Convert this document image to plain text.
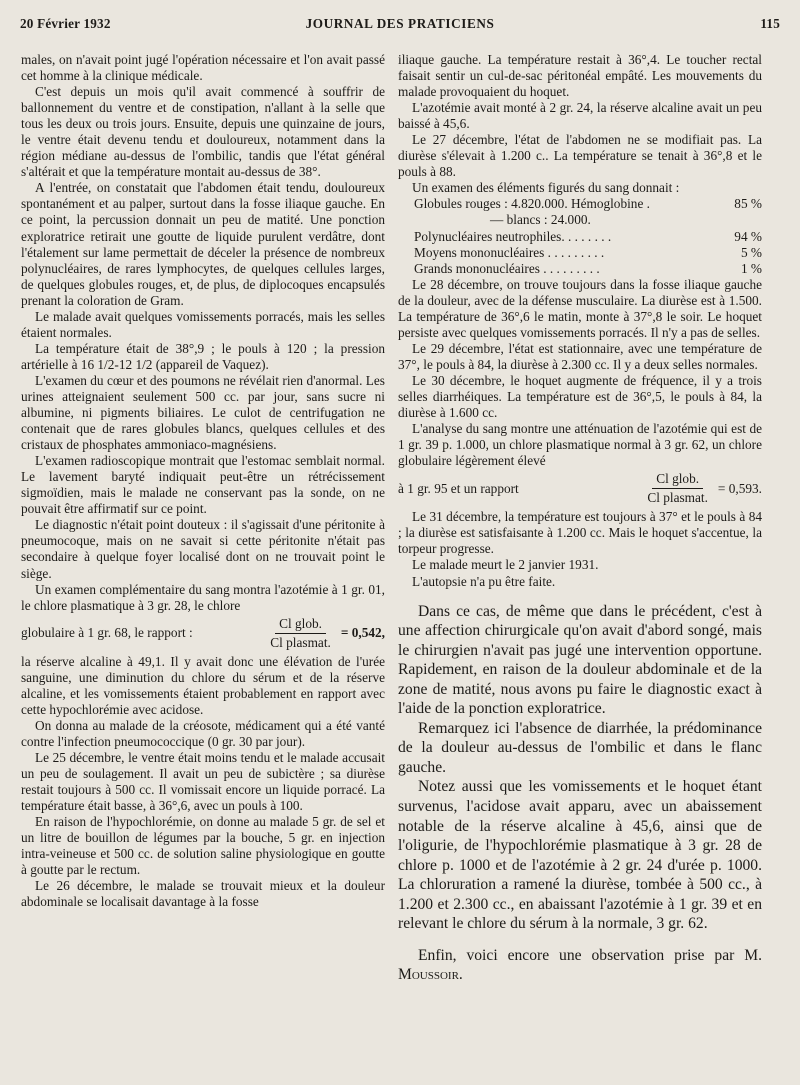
20 Février 1932	JOURNAL DES PRATICIENS	115

males, on n'avait point jugé l'opération nécessaire et l'on avait passé cet homme à la clinique médicale.

C'est depuis un mois qu'il avait commencé à souffrir de ballonnement du ventre et de constipation, n'allant à la selle que tous les deux ou trois jours. Ensuite, depuis une quinzaine de jours, le ventre était devenu tendu et douloureux, notamment dans la région médiane au-dessus de l'ombilic, tandis que l'état général s'altérait et que la température montait au-dessus de 38°.

A l'entrée, on constatait que l'abdomen était tendu, douloureux spontanément et au palper, surtout dans la fosse iliaque gauche. En ce point, la percussion donnait un peu de matité. Une ponction exploratrice retirait une goutte de liquide purulent verdâtre, dont l'étalement sur lame permettait de déceler la présence de nombreux polynucléaires, de rares lymphocytes, de quelques cellules larges, de quelques globules rouges, et, de plus, de diplocoques encapsulés prenant la coloration de Gram.

Le malade avait quelques vomissements porracés, mais les selles étaient normales.

La température était de 38°,9 ; le pouls à 120 ; la pression artérielle à 16 1/2-12 1/2 (appareil de Vaquez).

L'examen du cœur et des poumons ne révélait rien d'anormal. Les urines atteignaient seulement 500 cc. par jour, sans sucre ni albumine, ni pigments biliaires. Le culot de centrifugation ne contenait que de rares globules blancs, quelques cellules et des cristaux de phosphates ammoniaco-magnésiens.

L'examen radioscopique montrait que l'estomac semblait normal. Le lavement baryté indiquait peut-être un rétrécissement sigmoïdien, mais le malade ne conservant pas la sonde, on ne pouvait être affirmatif sur ce point.

Le diagnostic n'était point douteux : il s'agissait d'une péritonite à pneumocoque, mais on ne savait si cette péritonite n'était pas secondaire à quelque foyer localisé dont on ne trouvait point le siège.

Un examen complémentaire du sang montra l'azotémie à 1 gr. 01, le chlore plasmatique à 3 gr. 28, le chlore

globulaire à 1 gr. 68, le rapport :	$\frac{\text{Cl glob.}}{\text{Cl plasmat.}} = 0,542$,

la réserve alcaline à 49,1. Il y avait donc une élévation de l'urée sanguine, une diminution du chlore du sérum et de la réserve alcaline, et les vomissements étaient probablement en rapport avec cette hypochlorémie avec acidose.

On donna au malade de la créosote, médicament qui a été vanté contre l'infection pneumococcique (0 gr. 30 par jour).

Le 25 décembre, le ventre était moins tendu et le malade accusait un peu de soulagement. Il avait un peu de subictère ; sa diurèse restait toujours à 500 cc. Il vomissait encore un liquide porracé. La température était basse, à 36°,6, avec un pouls à 100.

En raison de l'hypochlorémie, on donne au malade 5 gr. de sel et un litre de bouillon de légumes par la bouche, 5 gr. en injection intra-veineuse et 500 cc. de solution saline physiologique en goutte à goutte par le rectum.

Le 26 décembre, le malade se trouvait mieux et la douleur abdominale se localisait davantage à la fosse

iliaque gauche. La température restait à 36°,4. Le toucher rectal faisait sentir un cul-de-sac péritonéal empâté. Les mouvements du malade provoquaient du hoquet.

L'azotémie avait monté à 2 gr. 24, la réserve alcaline avait un peu baissé à 45,6.

Le 27 décembre, l'état de l'abdomen ne se modifiait pas. La diurèse s'élevait à 1.200 c.. La température se tenait à 36°,8 et le pouls à 88.

Un examen des éléments figurés du sang donnait :

Globules rouges : 4.820.000. Hémoglobine .	85 %
— blancs : 24.000.
Polynucléaires neutrophiles. . . . . . . .	94 %
Moyens mononucléaires . . . . . . . . .	5 %
Grands mononucléaires . . . . . . . . .	1 %

Le 28 décembre, on trouve toujours dans la fosse iliaque gauche de la douleur, avec de la défense musculaire. La diurèse est à 1.500. La température de 36°,6 le matin, monte à 37°,8 le soir. Le hoquet persiste avec quelques vomissements porracés. Il n'y a pas de selles.

Le 29 décembre, l'état est stationnaire, avec une température de 37°, le pouls à 84, la diurèse à 2.300 cc. Il y a deux selles normales.

Le 30 décembre, le hoquet augmente de fréquence, il y a trois selles diarrhéiques. La température est de 36°,5, le pouls à 84, la diurèse à 1.600 cc.

L'analyse du sang montre une atténuation de l'azotémie qui est de 1 gr. 39 p. 1.000, un chlore plasmatique normal à 3 gr. 62, un chlore globulaire légèrement élevé

à 1 gr. 95 et un rapport	$\frac{\text{Cl glob.}}{\text{Cl plasmat.}} = 0,593$.

Le 31 décembre, la température est toujours à 37° et le pouls à 84 ; la diurèse est satisfaisante à 1.200 cc. Mais le hoquet s'accentue, la torpeur progresse.

Le malade meurt le 2 janvier 1931.

L'autopsie n'a pu être faite.

Dans ce cas, de même que dans le précédent, c'est à une affection chirurgicale qu'on avait d'abord songé, mais le chirurgien n'avait pas jugé une intervention opportune. Rapidement, en raison de la douleur abdominale et de la zone de matité, nous avons pu faire le diagnostic exact à l'aide de la ponction exploratrice.

Remarquez ici l'absence de diarrhée, la prédominance de la douleur au-dessus de l'ombilic et dans le flanc gauche.

Notez aussi que les vomissements et le hoquet étant survenus, l'acidose avait apparu, avec un abaissement notable de la réserve alcaline à 45,6, ainsi que de l'oligurie, de l'hypochlorémie plasmatique à 3 gr. 28 de chlore p. 1000 et de l'azotémie à 2 gr. 24 d'urée p. 1000. La chloruration a ramené la diurèse, tombée à 500 cc., à 1.200 et 2.300 cc., en abaissant l'azotémie à 1 gr. 39 et en relevant le chlore du sérum à la normale, 3 gr. 62.

Enfin, voici encore une observation prise par M. Moussoir.
